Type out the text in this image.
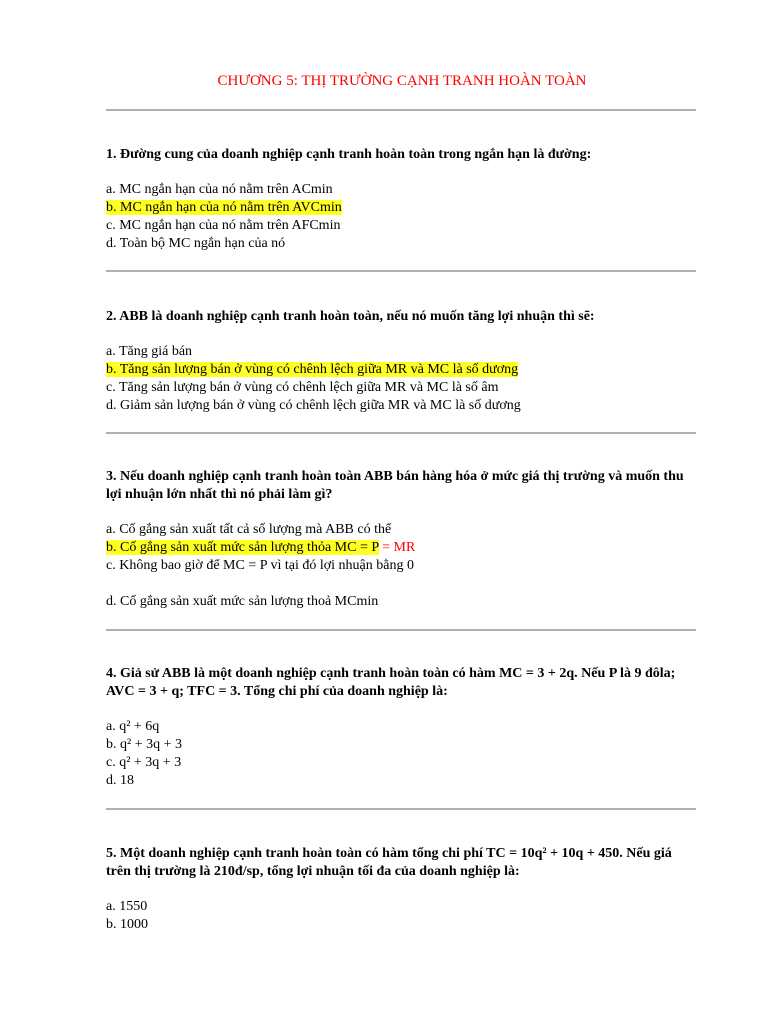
CHƯƠNG 5: THỊ TRƯỜNG CẠNH TRANH HOÀN TOÀN

1. Đường cung của doanh nghiệp cạnh tranh hoàn toàn trong ngắn hạn là đường:

a. MC ngắn hạn của nó nằm trên ACmin

b. MC ngắn hạn của nó nằm trên AVCmin

c. MC ngắn hạn của nó nằm trên AFCmin

d. Toàn bộ MC ngắn hạn của nó

2. ABB là doanh nghiệp cạnh tranh hoàn toàn, nếu nó muốn tăng lợi nhuận thì sẽ:

a. Tăng giá bán

b. Tăng sản lượng bán ở vùng có chênh lệch giữa MR và MC là số dương

c. Tăng sản lượng bán ở vùng có chênh lệch giữa MR và MC là số âm

d. Giảm sản lượng bán ở vùng có chênh lệch giữa MR và MC là số dương

3. Nếu doanh nghiệp cạnh tranh hoàn toàn ABB bán hàng hóa ở mức giá thị trường và muốn thu lợi nhuận lớn nhất thì nó phải làm gì?

a. Cố gắng sản xuất tất cả số lượng mà ABB có thể

b. Cố gắng sản xuất mức sản lượng thỏa MC = P = MR

c. Không bao giờ để MC = P vì tại đó lợi nhuận bằng 0

d. Cố gắng sản xuất mức sản lượng thoả MCmin

4. Giả sử ABB là một doanh nghiệp cạnh tranh hoàn toàn có hàm MC = 3 + 2q. Nếu P là 9 đôla; AVC = 3 + q; TFC = 3. Tổng chi phí của doanh nghiệp là:

a. q² + 6q

b. q² + 3q + 3

c. q² + 3q + 3

d. 18

5. Một doanh nghiệp cạnh tranh hoàn toàn có hàm tổng chi phí TC = 10q² + 10q + 450. Nếu giá trên thị trường là 210đ/sp, tổng lợi nhuận tối đa của doanh nghiệp là:

a. 1550

b. 1000
